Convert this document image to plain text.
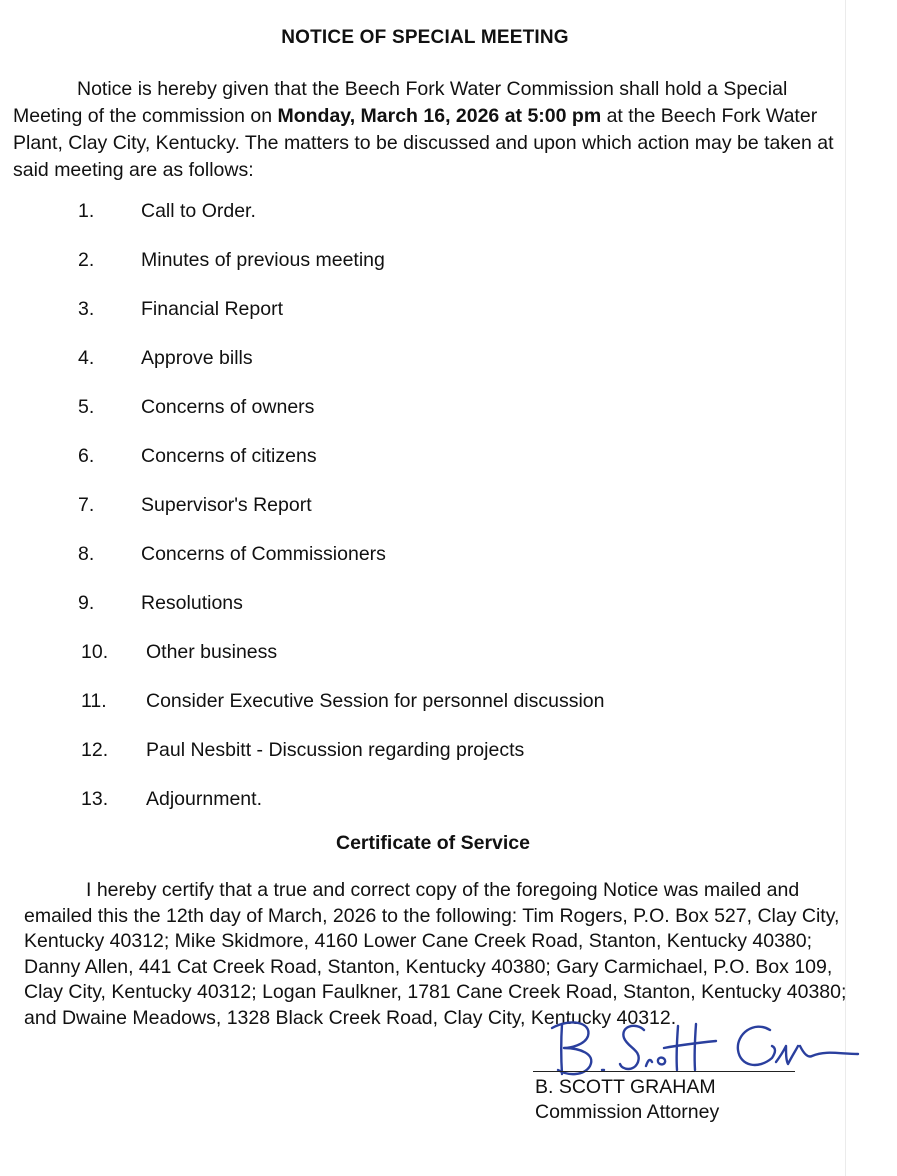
NOTICE OF SPECIAL MEETING
Notice is hereby given that the Beech Fork Water Commission shall hold a Special Meeting of the commission on Monday, March 16, 2026 at 5:00 pm at the Beech Fork Water Plant, Clay City, Kentucky. The matters to be discussed and upon which action may be taken at said meeting are as follows:
1. Call to Order.
2. Minutes of previous meeting
3. Financial Report
4. Approve bills
5. Concerns of owners
6. Concerns of citizens
7. Supervisor's Report
8. Concerns of Commissioners
9. Resolutions
10. Other business
11. Consider Executive Session for personnel discussion
12. Paul Nesbitt - Discussion regarding projects
13. Adjournment.
Certificate of Service
I hereby certify that a true and correct copy of the foregoing Notice was mailed and emailed this the 12th day of March, 2026 to the following: Tim Rogers, P.O. Box 527, Clay City, Kentucky 40312; Mike Skidmore, 4160 Lower Cane Creek Road, Stanton, Kentucky 40380; Danny Allen, 441 Cat Creek Road, Stanton, Kentucky 40380; Gary Carmichael, P.O. Box 109, Clay City, Kentucky 40312; Logan Faulkner, 1781 Cane Creek Road, Stanton, Kentucky 40380; and Dwaine Meadows, 1328 Black Creek Road, Clay City, Kentucky 40312.
B. SCOTT GRAHAM
Commission Attorney
